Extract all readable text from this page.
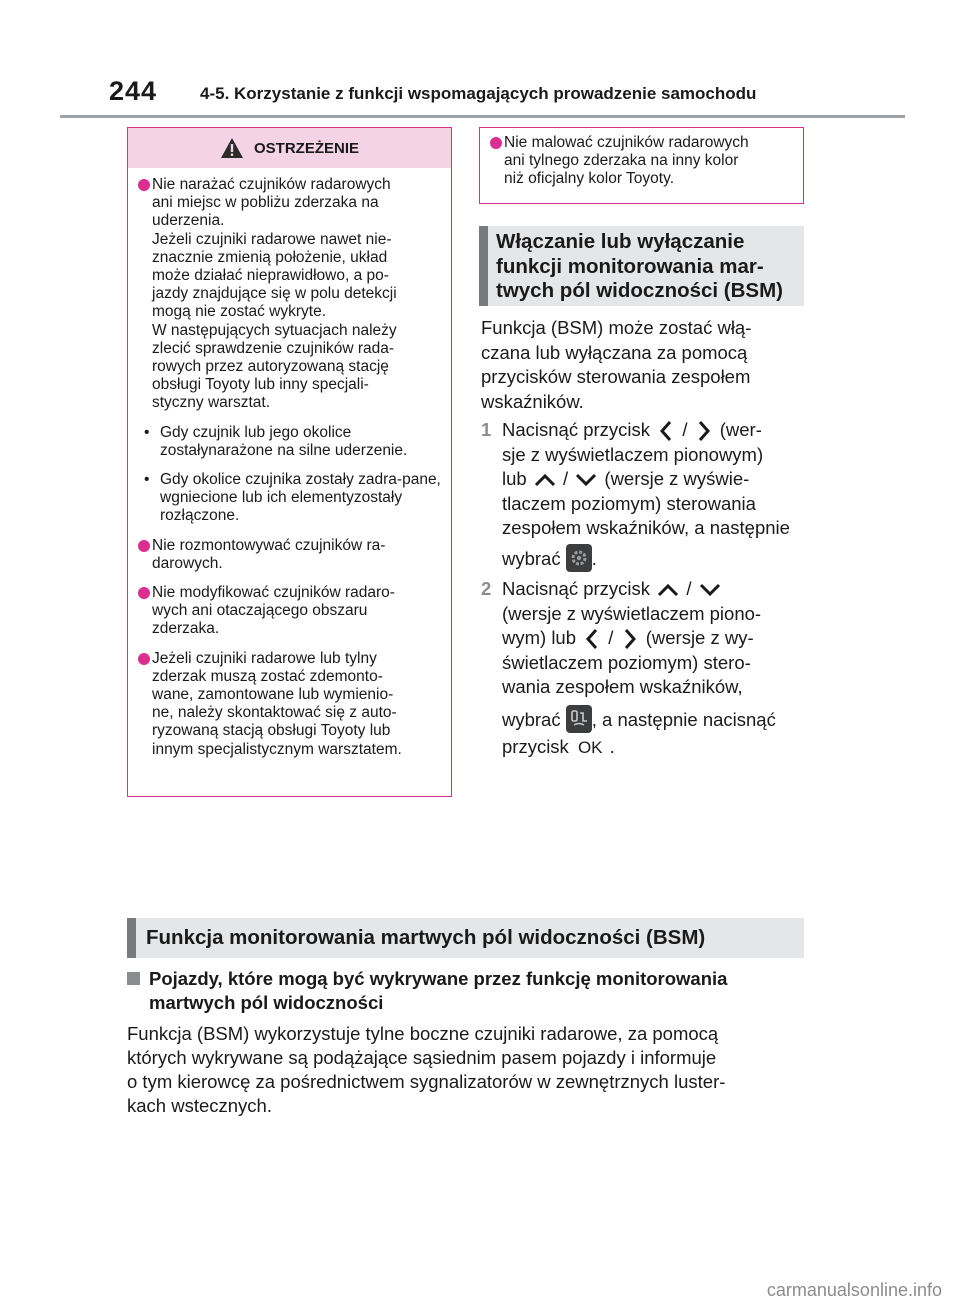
244	4-5. Korzystanie z funkcji wspomagających prowadzenie samochodu
OSTRZEŻENIE
Nie narażać czujników radarowych
ani miejsc w pobliżu zderzaka na
uderzenia.
Jeżeli czujniki radarowe nawet nie-
znacznie zmienią położenie, układ
może działać nieprawidłowo, a po-
jazdy znajdujące się w polu detekcji
mogą nie zostać wykryte.
W następujących sytuacjach należy
zlecić sprawdzenie czujników rada-
rowych przez autoryzowaną stację
obsługi Toyoty lub inny specjali-
styczny warsztat.
• Gdy czujnik lub jego okolice zostałynarażone na silne uderzenie.
• Gdy okolice czujnika zostały zadra-pane, wgniecione lub ich elementyzostały rozłączone.
Nie rozmontowywać czujników ra-
darowych.
Nie modyfikować czujników radaro-
wych ani otaczającego obszaru
zderzaka.
Jeżeli czujniki radarowe lub tylny
zderzak muszą zostać zdemonto-
wane, zamontowane lub wymienio-
ne, należy skontaktować się z auto-
ryzowaną stacją obsługi Toyoty lub
innym specjalistycznym warsztatem.
Nie malować czujników radarowych
ani tylnego zderzaka na inny kolor
niż oficjalny kolor Toyoty.
Włączanie lub wyłączanie
funkcji monitorowania mar-
twych pól widoczności (BSM)
Funkcja (BSM) może zostać włą-
czana lub wyłączana za pomocą
przycisków sterowania zespołem
wskaźników.
1 Nacisnąć przycisk / (wer-
sje z wyświetlaczem pionowym)
lub / (wersje z wyświe-
tlaczem poziomym) sterowania
zespołem wskaźników, a następnie
wybrać .
2 Nacisnąć przycisk /
(wersje z wyświetlaczem piono-
wym) lub / (wersje z wy-
świetlaczem poziomym) stero-
wania zespołem wskaźników,
wybrać , a następnie nacisnąć
przycisk OK .
Funkcja monitorowania martwych pól widoczności (BSM)
Pojazdy, które mogą być wykrywane przez funkcję monitorowania
martwych pól widoczności
Funkcja (BSM) wykorzystuje tylne boczne czujniki radarowe, za pomocą
których wykrywane są podążające sąsiednim pasem pojazdy i informuje
o tym kierowcę za pośrednictwem sygnalizatorów w zewnętrznych luster-
kach wstecznych.
carmanualsonline.info
